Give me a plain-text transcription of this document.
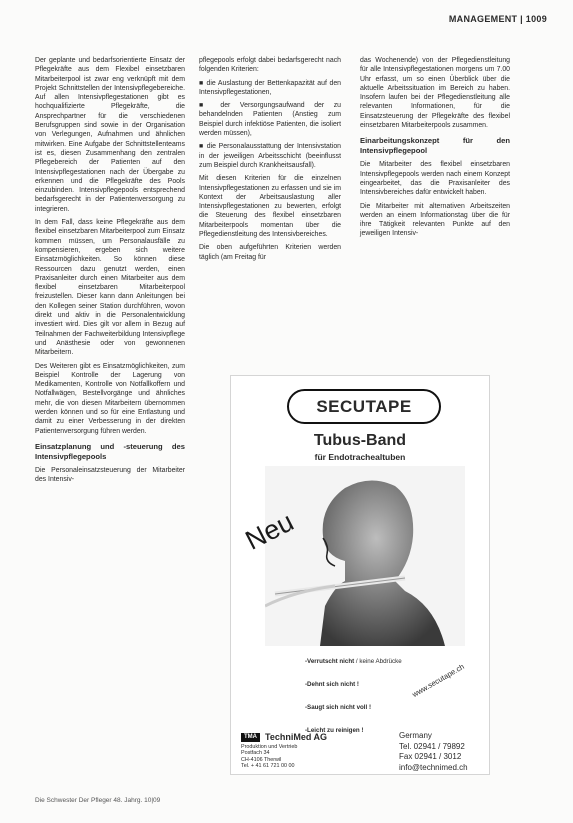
MANAGEMENT | 1009

Der geplante und bedarfsorientierte Einsatz der Pflegekräfte aus dem Flexibel einsetzbaren Mitarbeiterpool ist zwar eng verknüpft mit dem Projekt Schnittstellen der Intensivpflegebereiche. Auf allen Intensivpflegestationen gibt es hochqualifizierte Pflegekräfte, die Ansprechpartner für die verschiedenen Berufsgruppen sind sowie in der Organisation von Verlegungen, Aufnahmen und ähnlichen mitwirken. Eine Aufgabe der Schnittstellenteams ist es, diesen Zusammenhang den zentralen Pflegebereich der Patienten auf den Intensivpflegestationen nach der Übergabe zu erkennen und die Pflegekräfte des Pools einzubinden. Intensivpflegepools entsprechend bedarfsgerecht in der Patientenversorgung zu integrieren.

In dem Fall, dass keine Pflegekräfte aus dem flexibel einsetzbaren Mitarbeiterpool zum Einsatz kommen müssen, um Personalausfälle zu kompensieren, ergeben sich weitere Einsatzmöglichkeiten. So können diese Ressourcen dazu genutzt werden, einen Praxisanleiter durch einen Mitarbeiter aus dem flexibel einsetzbaren Mitarbeiterpool freizustellen. Dieser kann dann Anleitungen bei den Kollegen seiner Station durchführen, wovon direkt und aktiv in die Personalentwicklung investiert wird. Dies gilt vor allem in Bezug auf Teilnahmen der Fachweiterbildung Intensivpflege und Anästhesie oder von gewonnenen Mitarbeitern.

Des Weiteren gibt es Einsatzmöglichkeiten, zum Beispiel Kontrolle der Lagerung von Medikamenten, Kontrolle von Notfallkoffern und Notfallwägen, Bestellvorgänge und ähnliches mehr, die von diesen Mitarbeitern übernommen werden können und so für eine Entlastung und damit zu einer Verbesserung in der direkten Patientenversorgung führen werden.

Einsatzplanung und -steuerung des Intensivpflegepools

Die Personaleinsatzsteuerung der Mitarbeiter des Intensiv-

pflegepools erfolgt dabei bedarfsgerecht nach folgenden Kriterien:

■ die Auslastung der Bettenkapazität auf den Intensivpflegestationen,

■ der Versorgungsaufwand der zu behandelnden Patienten (Anstieg zum Beispiel durch infektiöse Patienten, die isoliert werden müssen),

■ die Personalausstattung der Intensivstation in der jeweiligen Arbeitsschicht (beeinflusst zum Beispiel durch Krankheitsausfall).

Mit diesen Kriterien für die einzelnen Intensivpflegestationen zu erfassen und sie im Kontext der Arbeitsauslastung aller Intensivpflegestationen zu bewerten, erfolgt die Steuerung des flexibel einsetzbaren Mitarbeiterpools momentan über die Pflegedienstleitung des Intensivbereiches.

Die oben aufgeführten Kriterien werden täglich (am Freitag für

das Wochenende) von der Pflegedienstleitung für alle Intensivpflegestationen morgens um 7.00 Uhr erfasst, um so einen Überblick über die aktuelle Arbeitssituation im Bereich zu haben. Insofern laufen bei der Pflegedienstleitung alle relevanten Informationen, für die Einsatzsteuerung der Pflegekräfte des flexibel einsetzbaren Mitarbeiterpools zusammen.

Einarbeitungskonzept für den Intensivpflegepool

Die Mitarbeiter des flexibel einsetzbaren Intensivpflegepools werden nach einem Konzept eingearbeitet, das die Praxisanleiter des Intensivbereiches dafür entwickelt haben.

Die Mitarbeiter mit alternativen Arbeitszeiten werden an einem Informationstag über die für ihre Tätigkeit relevanten Punkte auf den jeweiligen Intensiv-

SECUTAPE
Tubus-Band
für Endotrachealtuben
Neu
-Verrutscht nicht / keine Abdrücke
-Dehnt sich nicht !
-Saugt sich nicht voll !
-Leicht zu reinigen !
www.secutape.ch
TMA TechniMed AG
Produktion und Vertrieb
Postfach 34
CH-4106 Therwil
Tel. + 41 61 721 00 00
Germany
Tel. 02941 / 79892
Fax 02941 / 3012
info@technimed.ch
Die Schwester Der Pfleger 48. Jahrg. 10|09
